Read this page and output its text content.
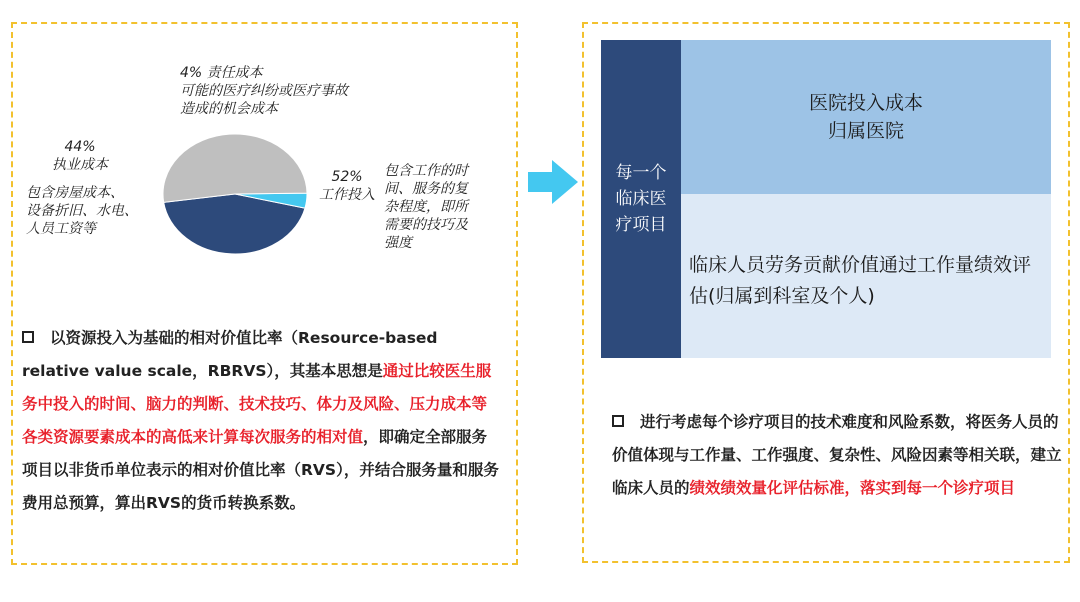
4% 责任成本
可能的医疗纠纷或医疗事故
造成的机会成本
44%
执业成本
包含房屋成本、
设备折旧、水电、
人员工资等
52%
工作投入
包含工作的时
间、服务的复
杂程度，即所
需要的技巧及
强度
以资源投入为基础的相对价值比率（Resource-based relative value scale，RBRVS），其基本思想是通过比较医生服务中投入的时间、脑力的判断、技术技巧、体力及风险、压力成本等各类资源要素成本的高低来计算每次服务的相对值，即确定全部服务项目以非货币单位表示的相对价值比率（RVS），并结合服务量和服务费用总预算，算出RVS的货币转换系数。
每一个
临床医
疗项目
医院投入成本
归属医院
临床人员劳务贡献价值通过工作量绩效评估(归属到科室及个人)
进行考虑每个诊疗项目的技术难度和风险系数，将医务人员的价值体现与工作量、工作强度、复杂性、风险因素等相关联，建立临床人员的绩效绩效量化评估标准，落实到每一个诊疗项目
